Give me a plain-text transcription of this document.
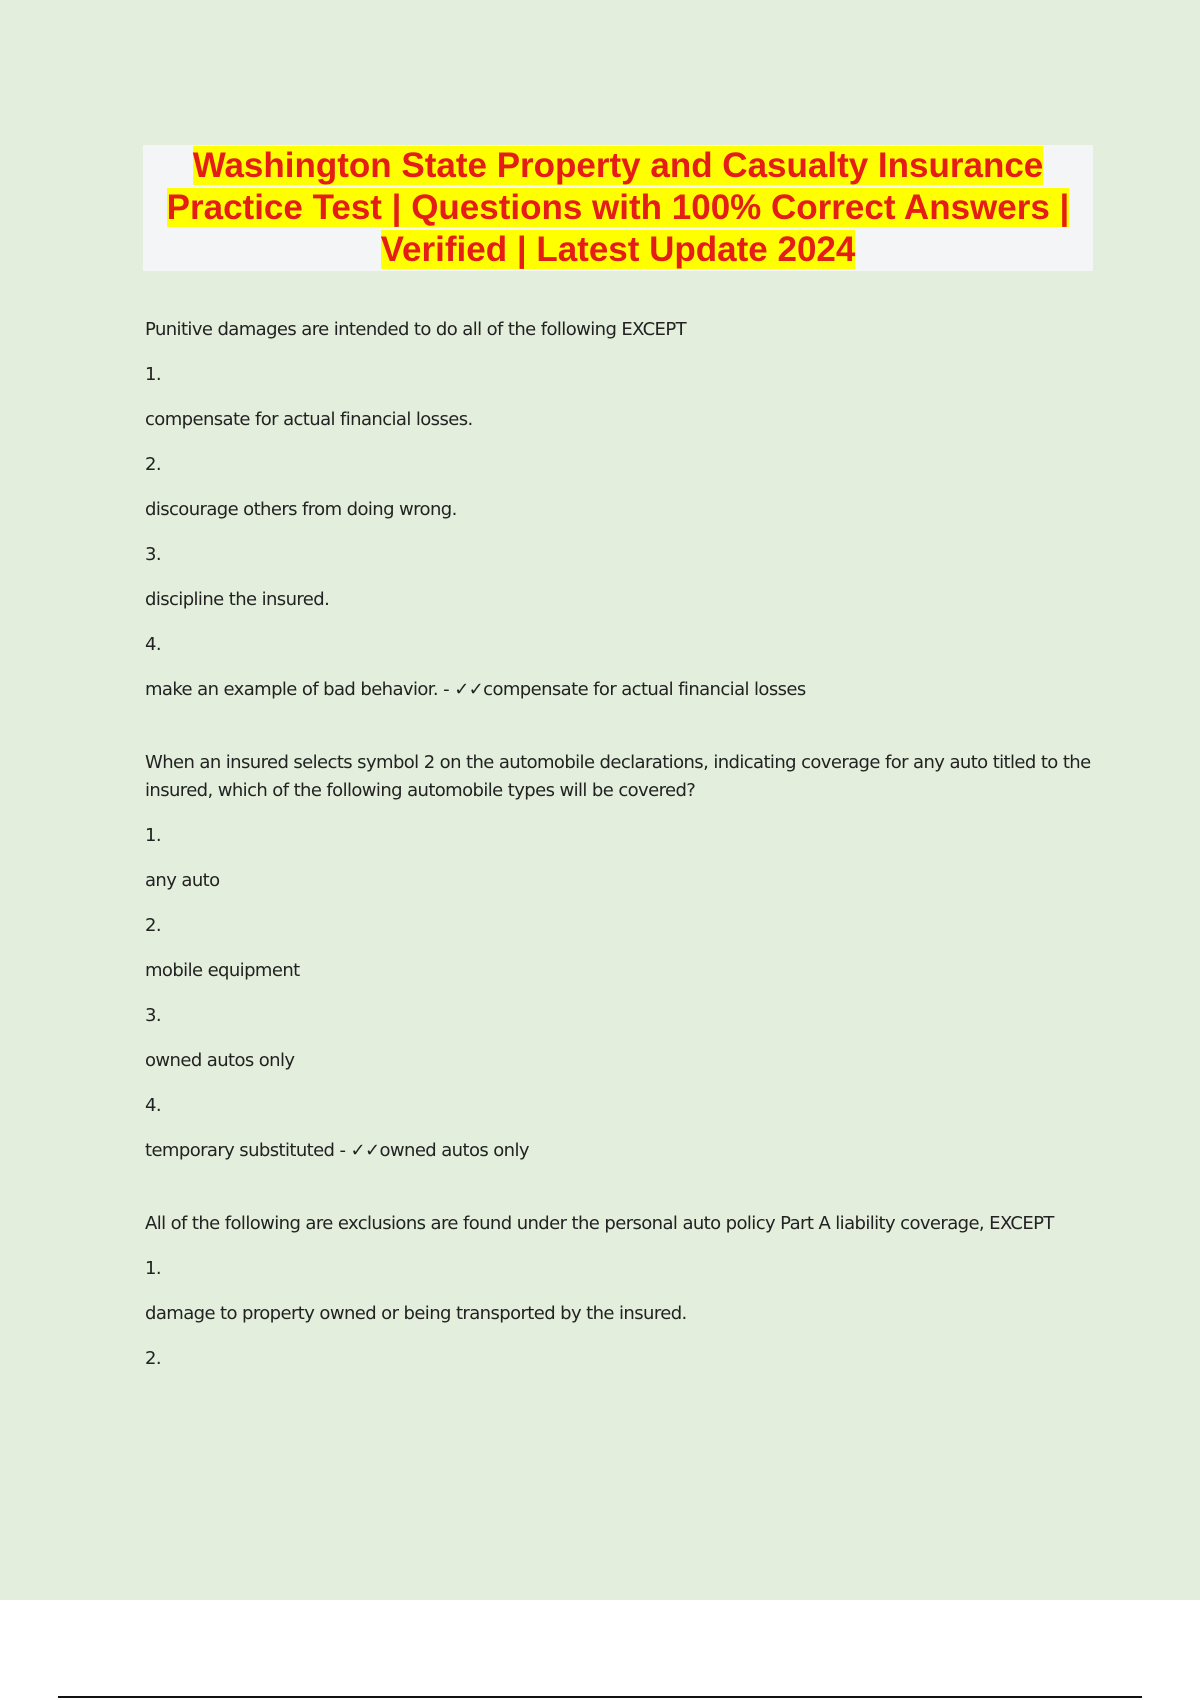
Washington State Property and Casualty Insurance Practice Test | Questions with 100% Correct Answers | Verified | Latest Update 2024
Punitive damages are intended to do all of the following EXCEPT
1.
compensate for actual financial losses.
2.
discourage others from doing wrong.
3.
discipline the insured.
4.
make an example of bad behavior. - ✓✓compensate for actual financial losses
When an insured selects symbol 2 on the automobile declarations, indicating coverage for any auto titled to the insured, which of the following automobile types will be covered?
1.
any auto
2.
mobile equipment
3.
owned autos only
4.
temporary substituted - ✓✓owned autos only
All of the following are exclusions are found under the personal auto policy Part A liability coverage, EXCEPT
1.
damage to property owned or being transported by the insured.
2.
